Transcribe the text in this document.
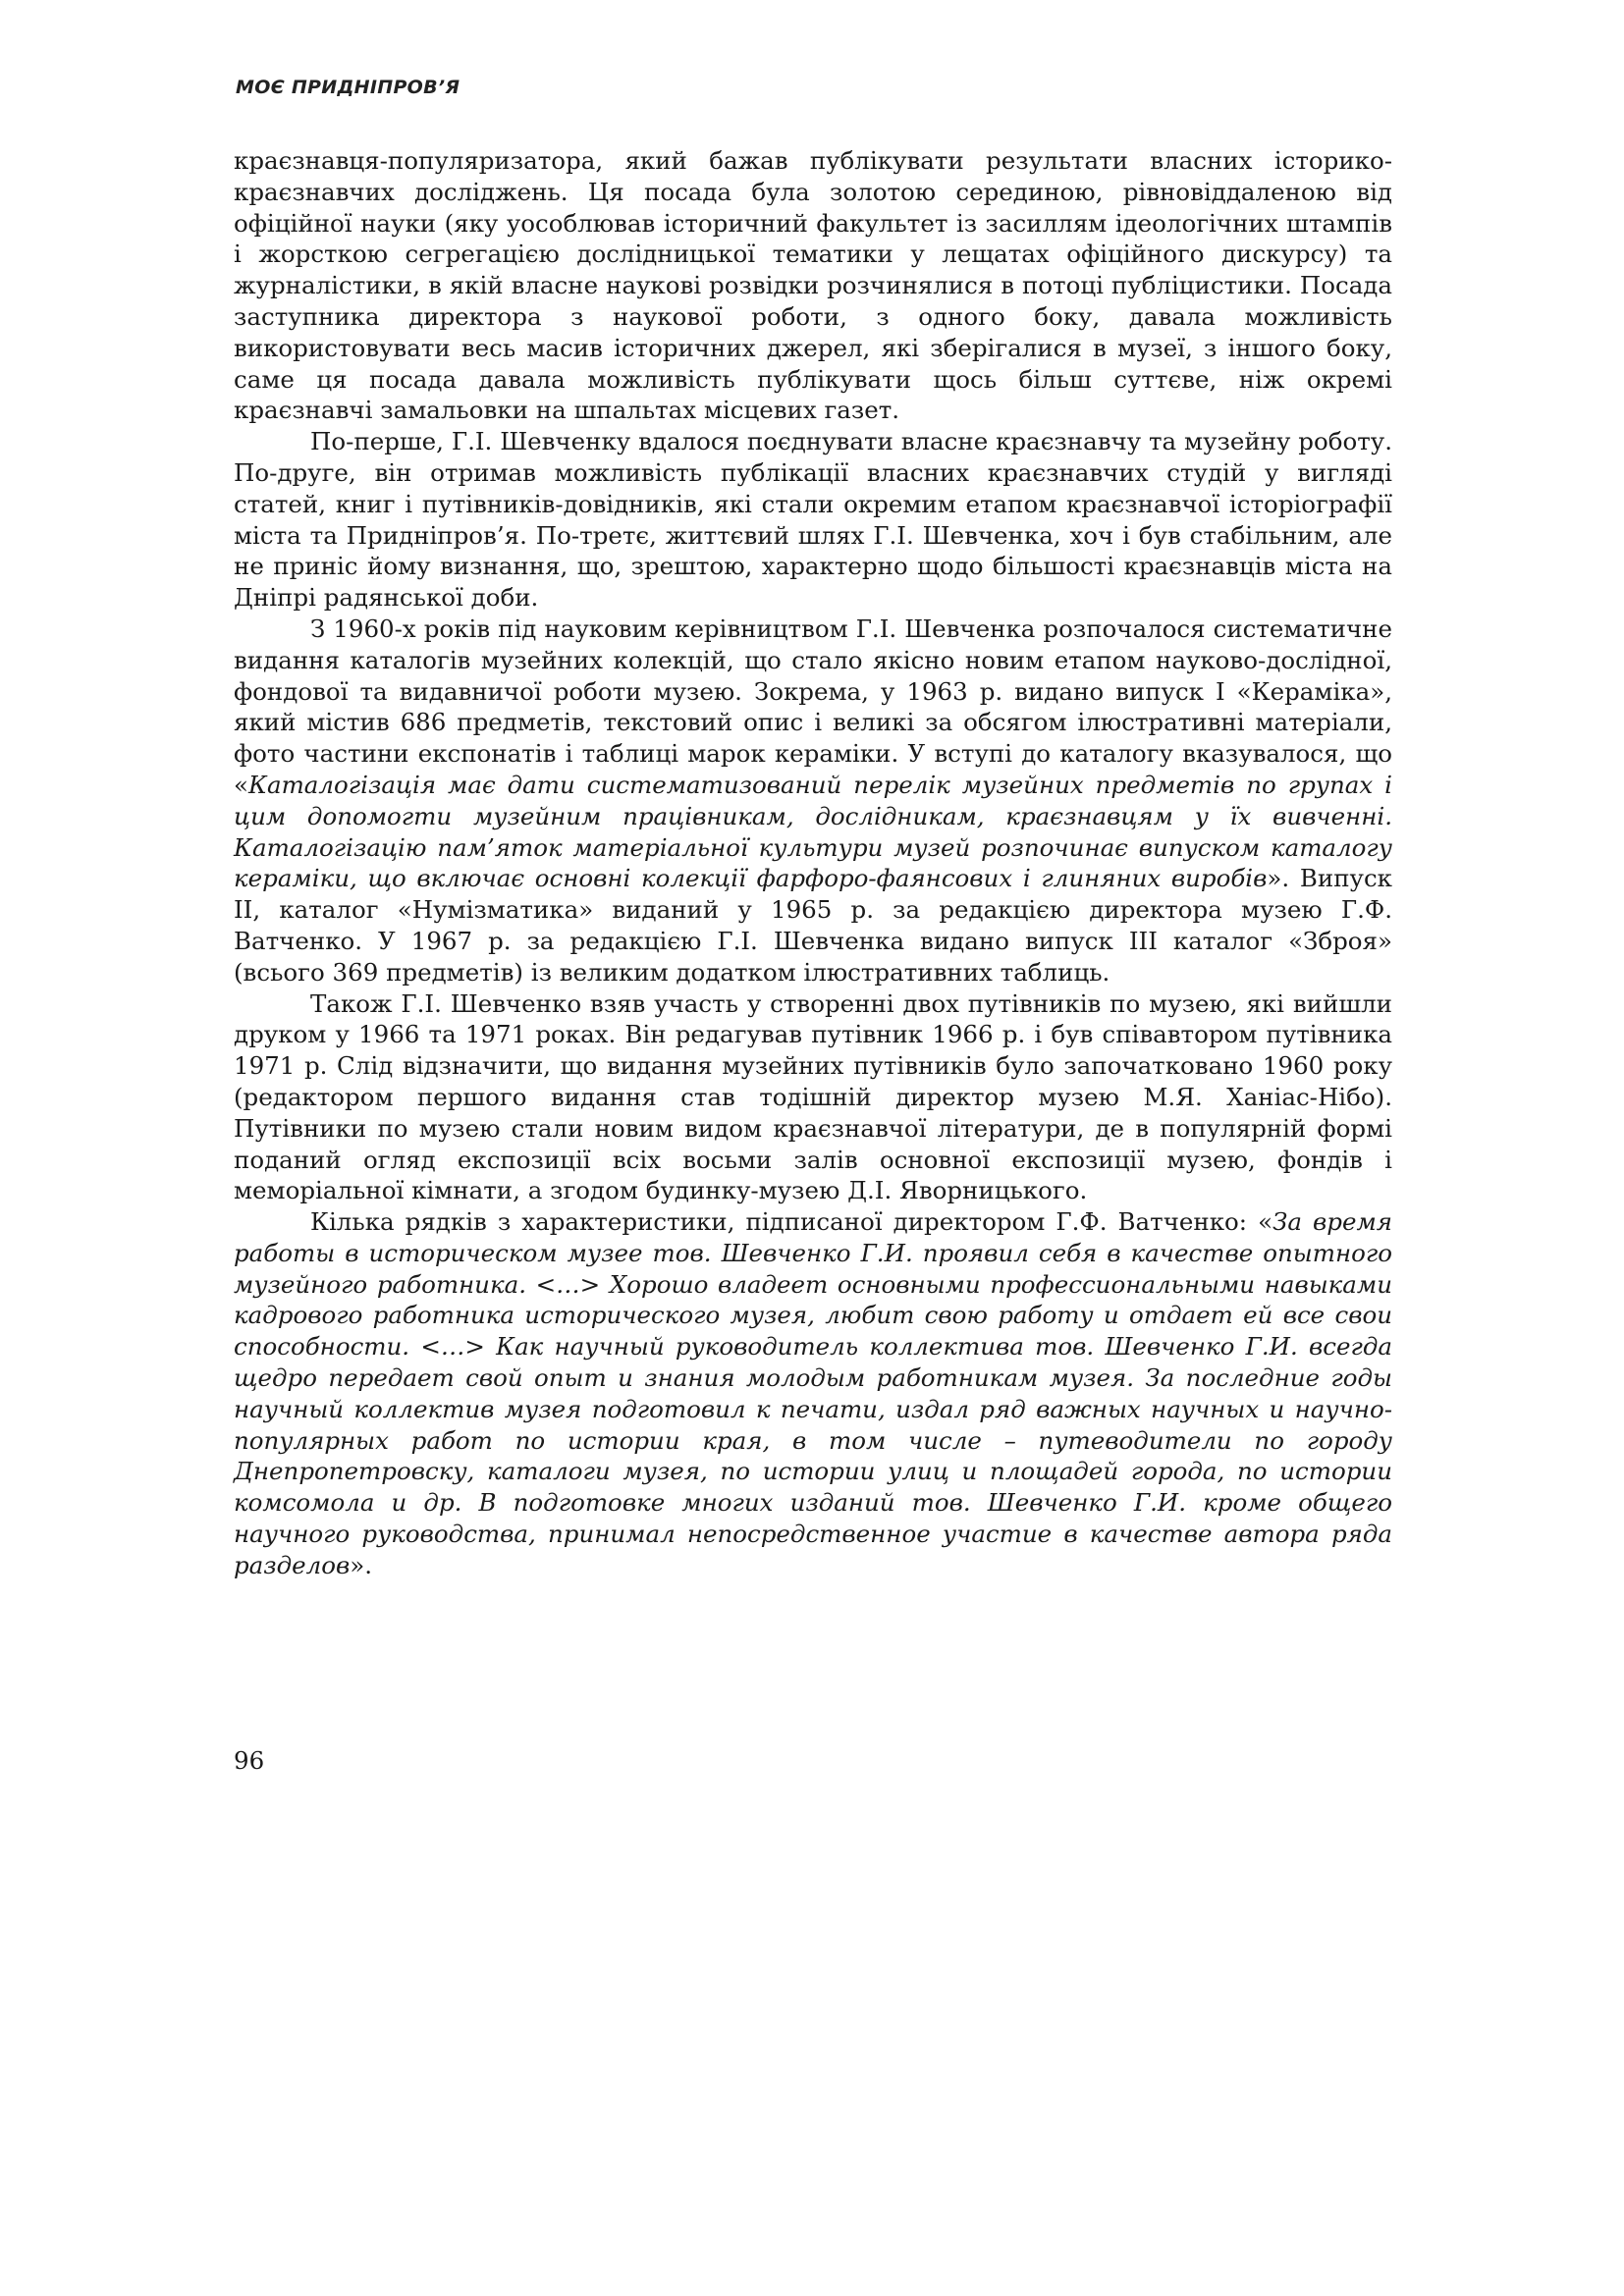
МОЄ ПРИДНІПРОВ’Я

краєзнавця-популяризатора, який бажав публікувати результати власних історико-краєзнавчих досліджень. Ця посада була золотою серединою, рівновіддаленою від офіційної науки (яку уособлював історичний факультет із засиллям ідеологічних штампів і жорсткою сегрегацією дослідницької тематики у лещатах офіційного дискурсу) та журналістики, в якій власне наукові розвідки розчинялися в потоці публіцистики. Посада заступника директора з наукової роботи, з одного боку, давала можливість використовувати весь масив історичних джерел, які зберігалися в музеї, з іншого боку, саме ця посада давала можливість публікувати щось більш суттєве, ніж окремі краєзнавчі замальовки на шпальтах місцевих газет.

По-перше, Г.І. Шевченку вдалося поєднувати власне краєзнавчу та музейну роботу. По-друге, він отримав можливість публікації власних краєзнавчих студій у вигляді статей, книг і путівників-довідників, які стали окремим етапом краєзнавчої історіографії міста та Придніпров’я. По-третє, життєвий шлях Г.І. Шевченка, хоч і був стабільним, але не приніс йому визнання, що, зрештою, характерно щодо більшості краєзнавців міста на Дніпрі радянської доби.

З 1960-х років під науковим керівництвом Г.І. Шевченка розпочалося систематичне видання каталогів музейних колекцій, що стало якісно новим етапом науково-дослідної, фондової та видавничої роботи музею. Зокрема, у 1963 р. видано випуск І «Кераміка», який містив 686 предметів, текстовий опис і великі за обсягом ілюстративні матеріали, фото частини експонатів і таблиці марок кераміки. У вступі до каталогу вказувалося, що «Каталогізація має дати систематизований перелік музейних предметів по групах і цим допомогти музейним працівникам, дослідникам, краєзнавцям у їх вивченні. Каталогізацію пам’яток матеріальної культури музей розпочинає випуском каталогу кераміки, що включає основні колекції фарфоро-фаянсових і глиняних виробів». Випуск ІІ, каталог «Нумізматика» виданий у 1965 р. за редакцією директора музею Г.Ф. Ватченко. У 1967 р. за редакцією Г.І. Шевченка видано випуск ІІІ каталог «Зброя» (всього 369 предметів) із великим додатком ілюстративних таблиць.

Також Г.І. Шевченко взяв участь у створенні двох путівників по музею, які вийшли друком у 1966 та 1971 роках. Він редагував путівник 1966 р. і був співавтором путівника 1971 р. Слід відзначити, що видання музейних путівників було започатковано 1960 року (редактором першого видання став тодішній директор музею М.Я. Ханіас-Нібо). Путівники по музею стали новим видом краєзнавчої літератури, де в популярній формі поданий огляд експозиції всіх восьми залів основної експозиції музею, фондів і меморіальної кімнати, а згодом будинку-музею Д.І. Яворницького.

Кілька рядків з характеристики, підписаної директором Г.Ф. Ватченко: «За время работы в историческом музее тов. Шевченко Г.И. проявил себя в качестве опытного музейного работника. <…> Хорошо владеет основными профессиональными навыками кадрового работника исторического музея, любит свою работу и отдает ей все свои способности. <…> Как научный руководитель коллектива тов. Шевченко Г.И. всегда щедро передает свой опыт и знания молодым работникам музея. За последние годы научный коллектив музея подготовил к печати, издал ряд важных научных и научно-популярных работ по истории края, в том числе – путеводители по городу Днепропетровску, каталоги музея, по истории улиц и площадей города, по истории комсомола и др. В подготовке многих изданий тов. Шевченко Г.И. кроме общего научного руководства, принимал непосредственное участие в качестве автора ряда разделов».

96
